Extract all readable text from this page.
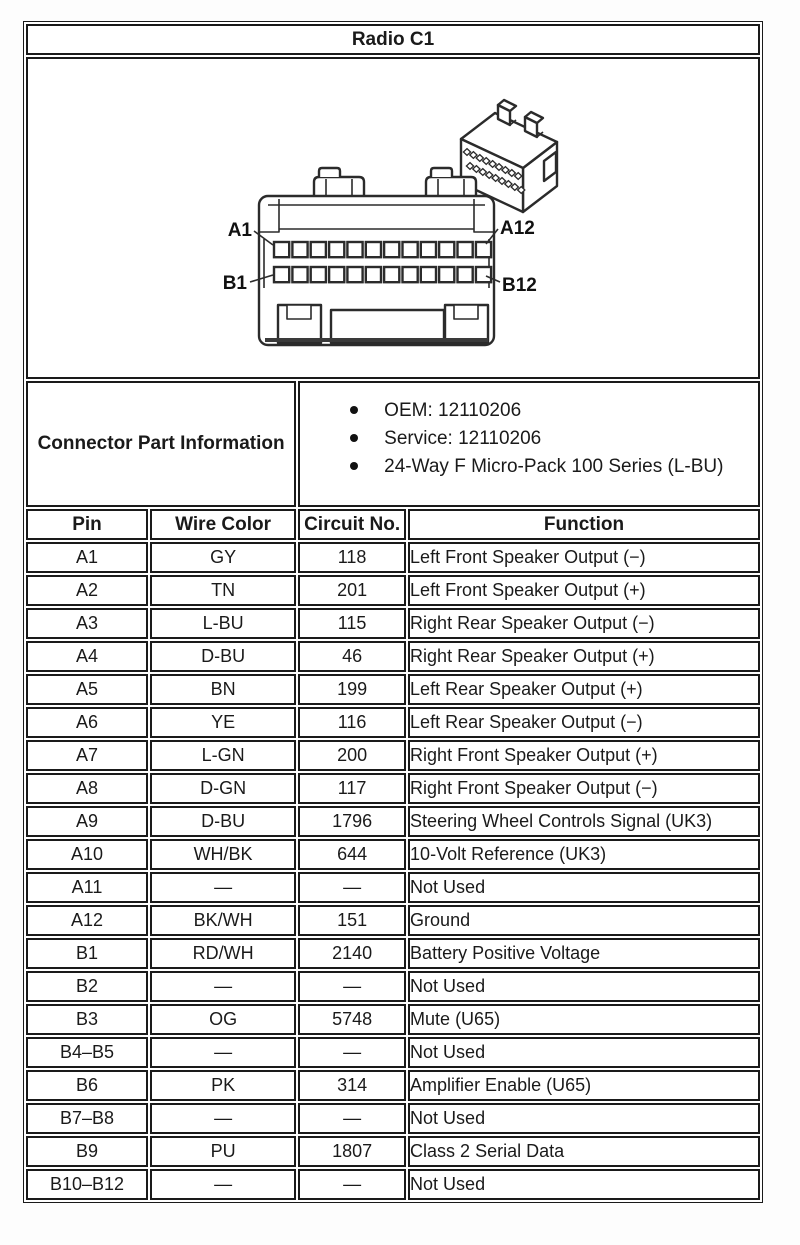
Radio C1			

A1 A12
B1 B12			

Connector Part Information	
OEM: 12110206
Service: 12110206
24-Way F Micro-Pack 100 Series (L-BU)

Pin	Wire Color	Circuit No.	Function
A1	GY	118	Left Front Speaker Output (−)
A2	TN	201	Left Front Speaker Output (+)
A3	L-BU	115	Right Rear Speaker Output (−)
A4	D-BU	46	Right Rear Speaker Output (+)
A5	BN	199	Left Rear Speaker Output (+)
A6	YE	116	Left Rear Speaker Output (−)
A7	L-GN	200	Right Front Speaker Output (+)
A8	D-GN	117	Right Front Speaker Output (−)
A9	D-BU	1796	Steering Wheel Controls Signal (UK3)
A10	WH/BK	644	10-Volt Reference (UK3)
A11	—	—	Not Used
A12	BK/WH	151	Ground
B1	RD/WH	2140	Battery Positive Voltage
B2	—	—	Not Used
B3	OG	5748	Mute (U65)
B4–B5	—	—	Not Used
B6	PK	314	Amplifier Enable (U65)
B7–B8	—	—	Not Used
B9	PU	1807	Class 2 Serial Data
B10–B12	—	—	Not Used
